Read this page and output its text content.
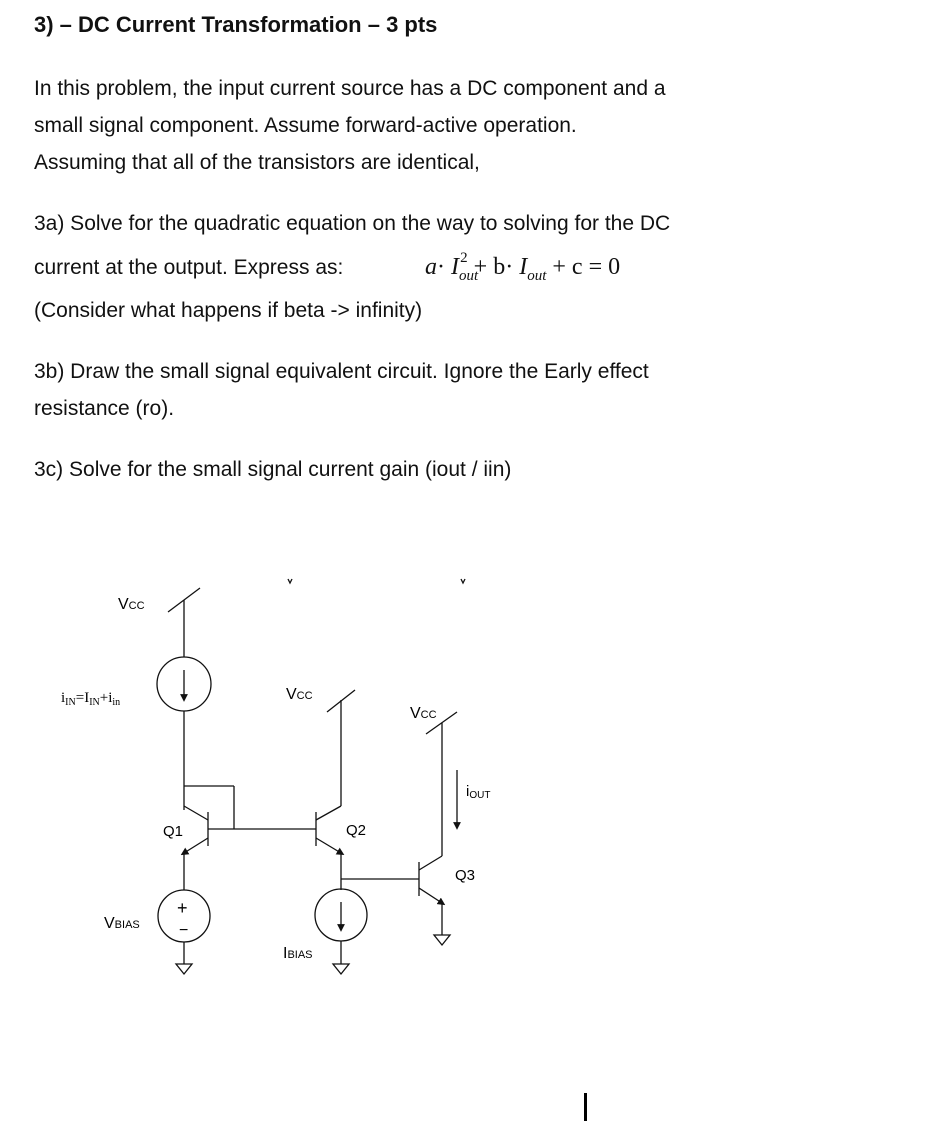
3) – DC Current Transformation – 3 pts
In this problem, the input current source has a DC component and a
small signal component. Assume forward-active operation.
Assuming that all of the transistors are identical,
3a) Solve for the quadratic equation on the way to solving for the DC
current at the output. Express as:	$a\cdot I_{out}^2 + b\cdot I_{out} + c = 0$
(Consider what happens if beta -> infinity)
3b) Draw the small signal equivalent circuit. Ignore the Early effect
resistance (ro).
3c) Solve for the small signal current gain (iout / iin)
VCC
$i_{IN}=I_{IN}+i_{in}$
Q1
VBIAS
+
−
VCC
Q2
IBIAS
VCC
iOUT
Q3
